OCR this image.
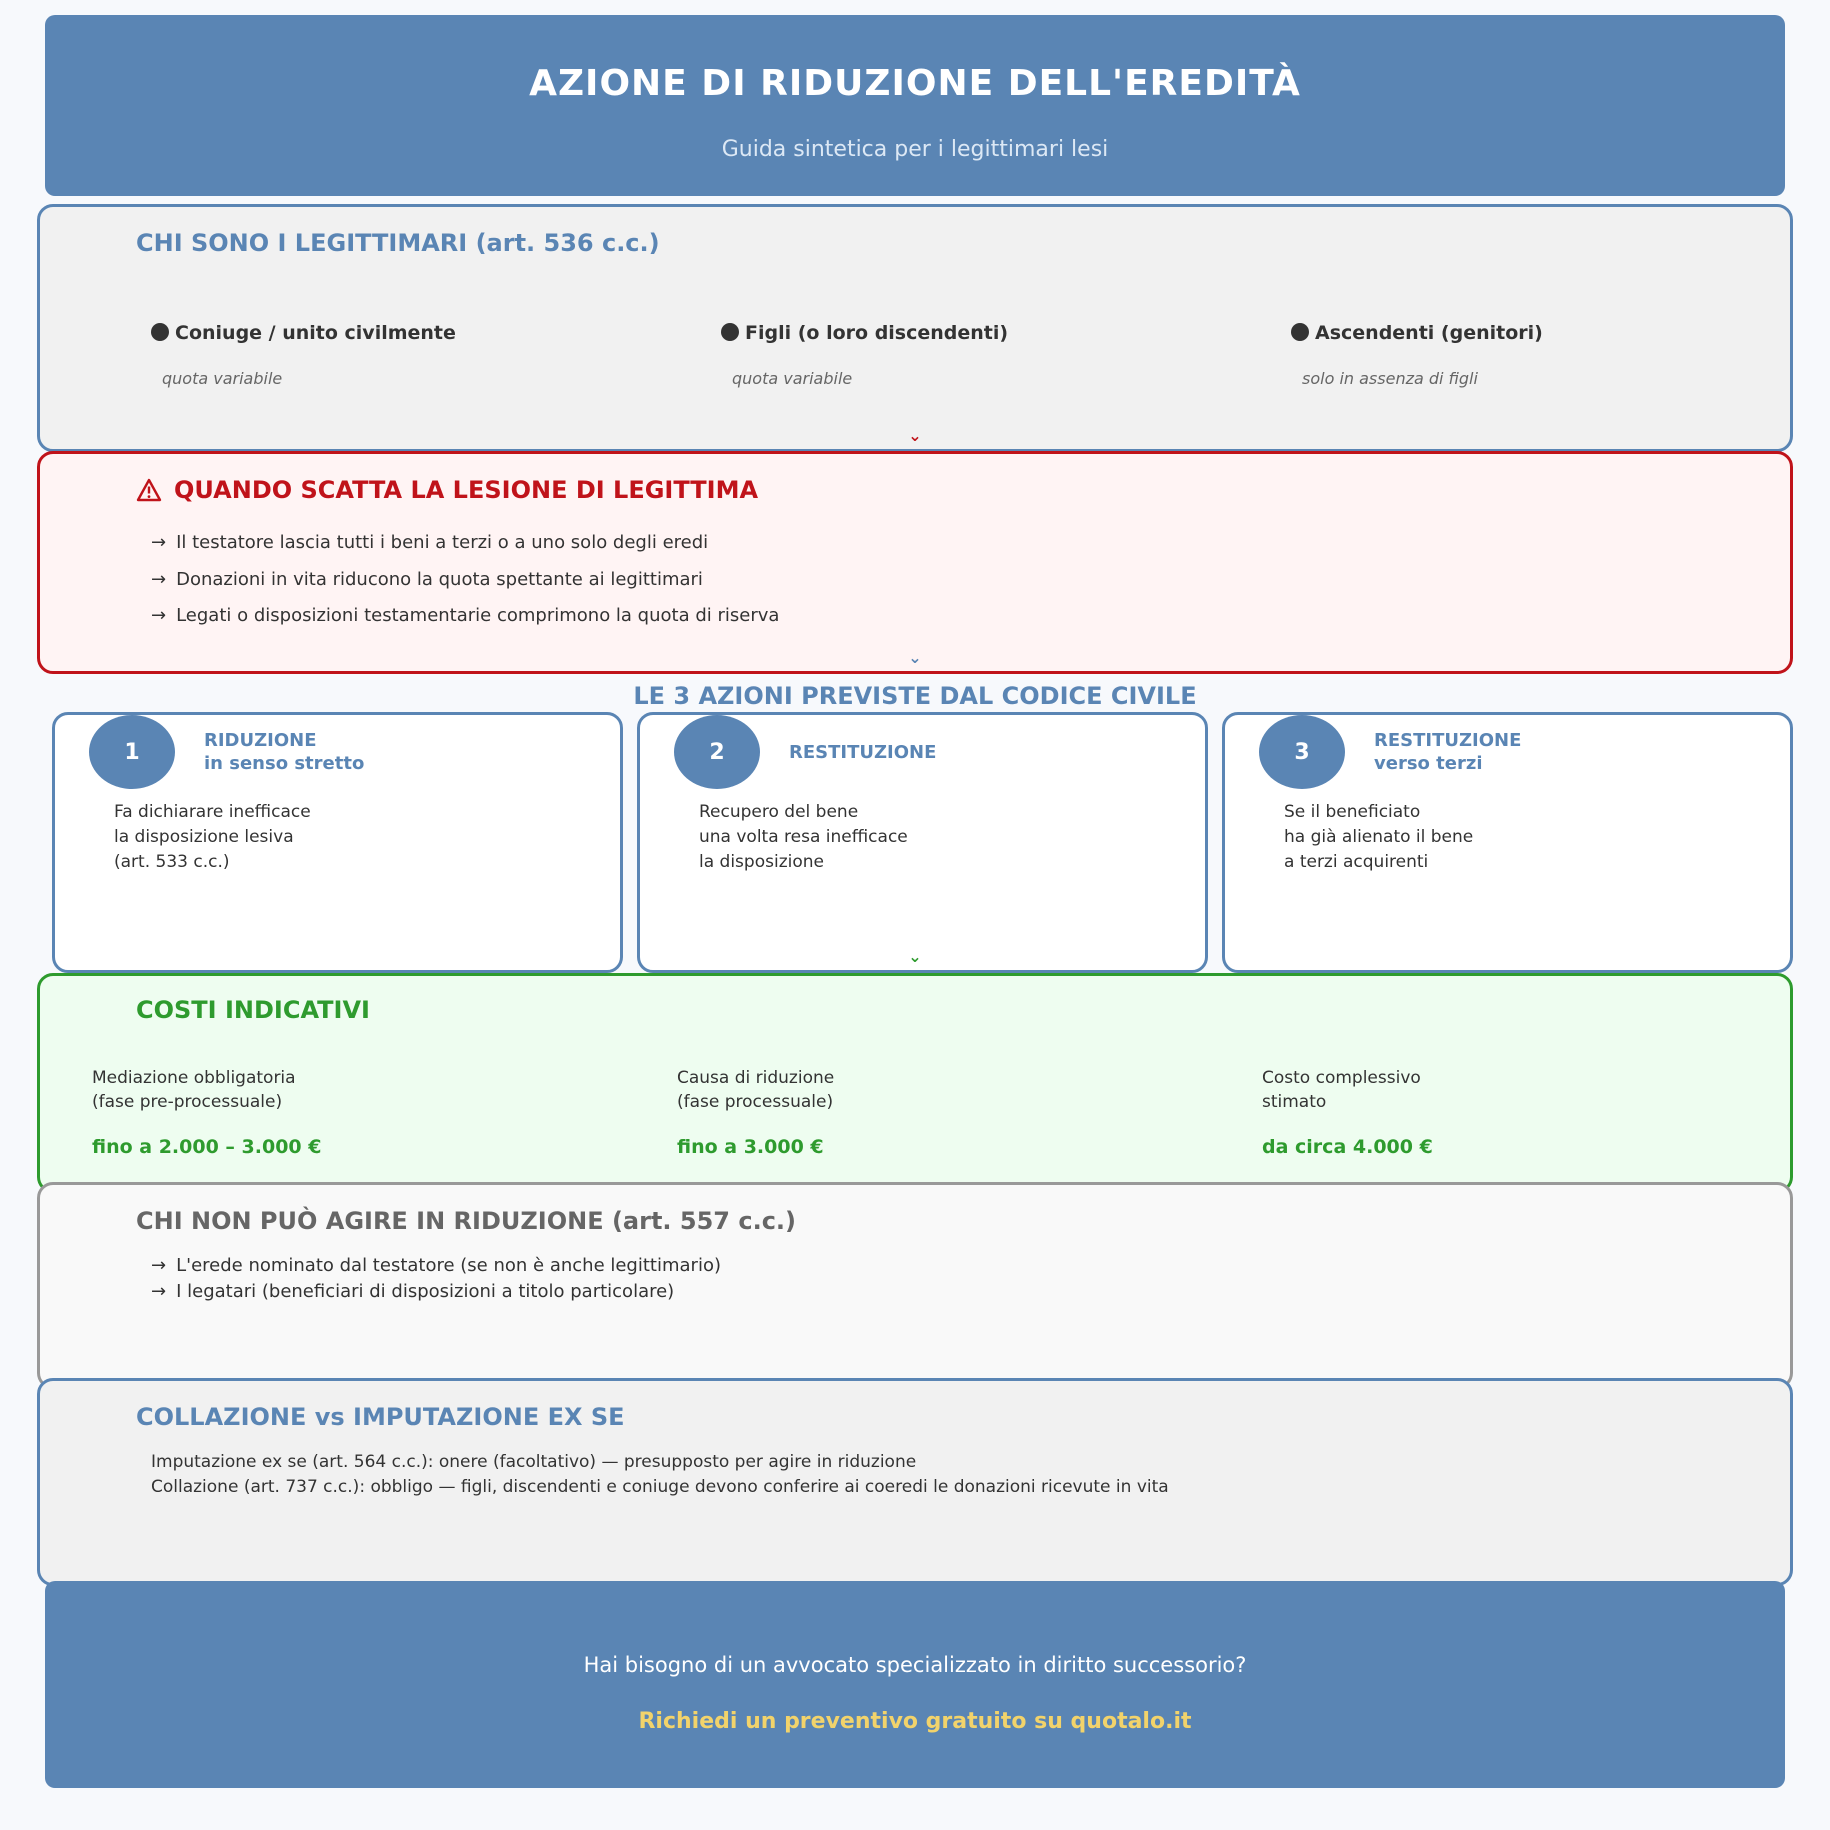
AZIONE DI RIDUZIONE DELL'EREDITÀ
Guida sintetica per i legittimari lesi
CHI SONO I LEGITTIMARI (art. 536 c.c.)
Coniuge / unito civilmente
quota variabile
Figli (o loro discendenti)
quota variabile
Ascendenti (genitori)
solo in assenza di figli
QUANDO SCATTA LA LESIONE DI LEGITTIMA
→ Il testatore lascia tutti i beni a terzi o a uno solo degli eredi
→ Donazioni in vita riducono la quota spettante ai legittimari
→ Legati o disposizioni testamentarie comprimono la quota di riserva
⌄
⌄
LE 3 AZIONI PREVISTE DAL CODICE CIVILE
1	RIDUZIONE
in senso stretto
Fa dichiarare inefficace
la disposizione lesiva
(art. 533 c.c.)
2	RESTITUZIONE
Recupero del bene
una volta resa inefficace
la disposizione
3	RESTITUZIONE
verso terzi
Se il beneficiato
ha già alienato il bene
a terzi acquirenti
⌄
COSTI INDICATIVI
Mediazione obbligatoria
(fase pre-processuale)
fino a 2.000 – 3.000 €
Causa di riduzione
(fase processuale)
fino a 3.000 €
Costo complessivo
stimato
da circa 4.000 €
CHI NON PUÒ AGIRE IN RIDUZIONE (art. 557 c.c.)
→ L'erede nominato dal testatore (se non è anche legittimario)
→ I legatari (beneficiari di disposizioni a titolo particolare)
COLLAZIONE vs IMPUTAZIONE EX SE
Imputazione ex se (art. 564 c.c.): onere (facoltativo) — presupposto per agire in riduzione
Collazione (art. 737 c.c.): obbligo — figli, discendenti e coniuge devono conferire ai coeredi le donazioni ricevute in vita
Hai bisogno di un avvocato specializzato in diritto successorio?
Richiedi un preventivo gratuito su quotalo.it
